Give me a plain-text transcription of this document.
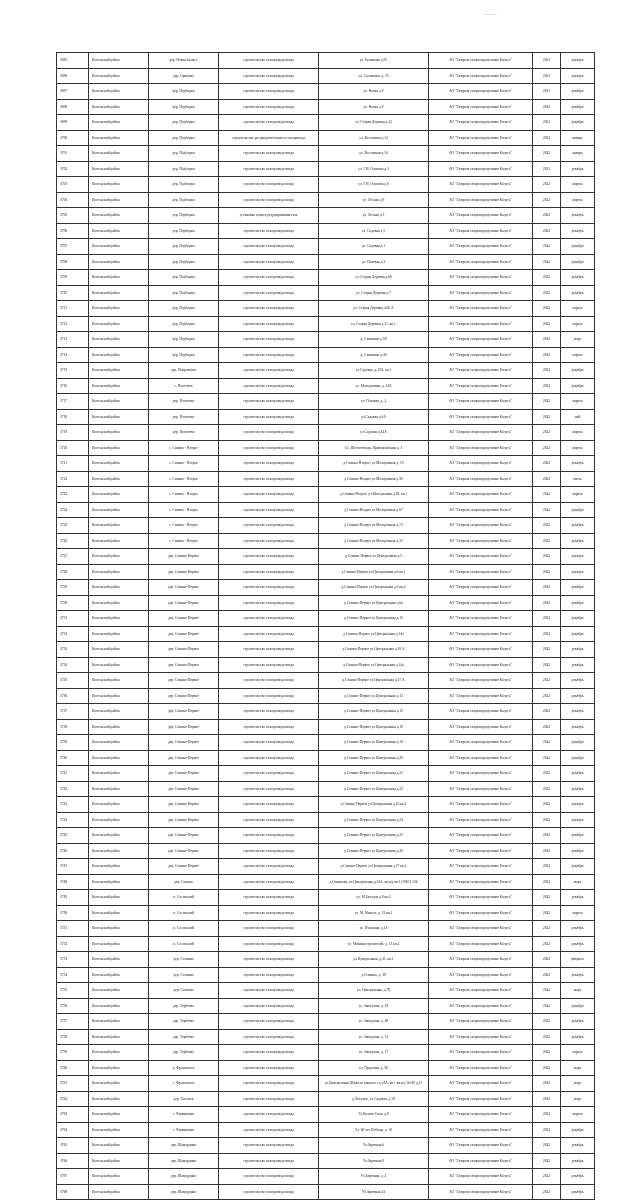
——
3695	Козельский район	дер. Новая Бахмут	строительство газопровода ввода	ул. Бушакова д.95	АО "Газпром газораспределение Калуга"	2021	декабрь
3696	Козельский район	дер. Орешево	строительство газопровода ввода	ул. Соловьева, д. 15	АО "Газпром газораспределение Калуга"	2021	декабрь
3697	Козельский район	дер. Подборки	строительство газопровода ввода	ул. Новая д.9	АО "Газпром газораспределение Калуга"	2021	декабрь
3698	Козельский район	дер. Подборки	строительство газопровода ввода	ул. Новая д.9	АО "Газпром газораспределение Калуга"	2022	декабрь
3699	Козельский район	дер. Подборки	строительство газопровода ввода	ул. Старая Деревня д.12	АО "Газпром газораспределение Калуга"	2021	декабрь
3700	Козельский район	дер. Подборки	строительство распределительного газопровода	ул. Восточная д.14	АО "Газпром газораспределение Калуга"	2022	январь
3701	Козельский район	дер. Подборки	строительство газопровода ввода	ул. Восточная д.14	АО "Газпром газораспределение Калуга"	2022	январь
3702	Козельский район	дер. Подборки	строительство газопровода ввода	ул. Г.Н. Осипова д.2	АО "Газпром газораспределение Калуга"	2021	декабрь
3703	Козельский район	дер. Подборки	строительство газопровода ввода	ул. Г.Н. Осипова д.6	АО "Газпром газораспределение Калуга"	2022	апрель
3704	Козельский район	дер. Подборки	строительство газопровода ввода	ул. Лесная д.9	АО "Газпром газораспределение Калуга"	2022	апрель
3705	Козельский район	дер. Подборки	установка пункта редуцирования газа	ул. Лесная д.5	АО "Газпром газораспределение Калуга"	2022	декабрь
3706	Козельский район	дер. Подборки	строительство газопровода ввода	ул. Садовая д.5	АО "Газпром газораспределение Калуга"	2022	декабрь
3707	Козельский район	дер. Подборки	строительство газопровода ввода	ул. Садовая д.1	АО "Газпром газораспределение Калуга"	2022	декабрь
3708	Козельский район	дер. Подборки	строительство газопровода ввода	ул. Полевая д.3	АО "Газпром газораспределение Калуга"	2022	декабрь
3709	Козельский район	дер. Подборки	строительство газопровода ввода	ул. Старая Деревня д.66	АО "Газпром газораспределение Калуга"	2022	декабрь
3710	Козельский район	дер. Подборки	строительство газопровода ввода	ул. Старая Деревня д.7	АО "Газпром газораспределение Калуга"	2022	декабрь
3711	Козельский район	дер. Подборки	строительство газопровода ввода	ул. Старая Деревня д.60 А	АО "Газпром газораспределение Калуга"	2022	апрель
3712	Козельский район	дер. Подборки	строительство газопровода ввода	ул. Старая Деревня д.31, кв.1	АО "Газпром газораспределение Калуга"	2022	апрель
3713	Козельский район	дер. Подборки	строительство газопровода ввода	д. Сливкино д.58	АО "Газпром газораспределение Калуга"	2022	март
3714	Козельский район	дер. Подборки	строительство газопровода ввода	д. Сливкино д.40	АО "Газпром газораспределение Калуга"	2022	апрель
3715	Козельский район	дер. Покровское	строительство газопровода ввода	ул.Садовая, д.33А, кв.1	АО "Газпром газораспределение Калуга"	2022	декабрь
3716	Козельский район	с. Попелево	строительство газопровода ввода	ул. Молодежная, д. 14А	АО "Газпром газораспределение Калуга"	2022	декабрь
3717	Козельский район	дер. Попелево	строительство газопровода ввода	ул. Полевая, д. 2	АО "Газпром газораспределение Калуга"	2022	апрель
3718	Козельский район	дер. Попелево	строительство газопровода ввода	ул.Садовая д.6А	АО "Газпром газораспределение Калуга"	2022	май
3719	Козельский район	дер. Попелево	строительство газопровода ввода	ул.Садовая д.44А	АО "Газпром газораспределение Калуга"	2022	апрель
3720	Козельский район	с. Сенино - Второе	строительство газопровода ввода	Сл. Шепелевская, Привокзальная д. 3	АО "Газпром газораспределение Калуга"	2022	апрель
3721	Козельский район	с. Сенино - Второе	строительство газопровода ввода	д.Сенино-Второе, ул.Молодежная д. 19	АО "Газпром газораспределение Калуга"	2022	декабрь
3722	Козельский район	с. Сенино - Второе	строительство газопровода ввода	д.Сенино-Второе ул.Молодежная д.30	АО "Газпром газораспределение Калуга"	2022	июль
3723	Козельский район	с. Сенино - Второе	строительство газопровода ввода	д.Сенино-Второе, ул.Молодежная д.38, кв.1	АО "Газпром газораспределение Калуга"	2022	апрель
3724	Козельский район	с. Сенино - Второе	строительство газопровода ввода	д.Сенино-Второе ул.Молодежная д.67	АО "Газпром газораспределение Калуга"	2022	декабрь
3725	Козельский район	с. Сенино - Второе	строительство газопровода ввода	д.Сенино-Второе ул.Молодежная д.73	АО "Газпром газораспределение Калуга"	2022	декабрь
3726	Козельский район	с. Сенино - Второе	строительство газопровода ввода	д.Сенино-Второе ул.Молодежная д.33	АО "Газпром газораспределение Калуга"	2022	декабрь
3727	Козельский район	дер. Сенино-Первое	строительство газопровода ввода	д.Сенино-Первое ул.Центральная д.5	АО "Газпром газораспределение Калуга"	2022	декабрь
3728	Козельский район	дер. Сенино-Первое	строительство газопровода ввода	д.Сенино-Первое ул.Центральная д.6 кв.1	АО "Газпром газораспределение Калуга"	2022	декабрь
3729	Козельский район	дер. Сенино-Первое	строительство газопровода ввода	д.Сенино-Первое ул.Центральная д.6 кв.2	АО "Газпром газораспределение Калуга"	2022	декабрь
3730	Козельский район	дер. Сенино-Первое	строительство газопровода ввода	д.Сенино-Первое ул.Центральная д.6а	АО "Газпром газораспределение Калуга"	2022	декабрь
3731	Козельский район	дер. Сенино-Первое	строительство газопровода ввода	д.Сенино-Первое ул.Центральная д.10	АО "Газпром газораспределение Калуга"	2022	декабрь
3732	Козельский район	дер. Сенино-Первое	строительство газопровода ввода	д.Сенино-Первое ул.Центральная д.14а	АО "Газпром газораспределение Калуга"	2022	декабрь
3733	Козельский район	дер. Сенино-Первое	строительство газопровода ввода	д.Сенино-Первое ул.Центральная д.16 А	АО "Газпром газораспределение Калуга"	2022	декабрь
3734	Козельский район	дер. Сенино-Первое	строительство газопровода ввода	д.Сенино-Первое ул.Центральная д.14а	АО "Газпром газораспределение Калуга"	2022	декабрь
3735	Козельский район	дер. Сенино-Первое	строительство газопровода ввода	д.Сенино-Первое ул.Центральная д.37 А	АО "Газпром газораспределение Калуга"	2022	декабрь
3736	Козельский район	дер. Сенино-Первое	строительство газопровода ввода	д.Сенино-Первое ул.Центральная д.13	АО "Газпром газораспределение Калуга"	2022	декабрь
3737	Козельский район	дер. Сенино-Первое	строительство газопровода ввода	д.Сенино-Первое ул.Центральная д.15	АО "Газпром газораспределение Калуга"	2022	декабрь
3738	Козельский район	дер. Сенино-Первое	строительство газопровода ввода	д.Сенино-Первое ул.Центральная д.18	АО "Газпром газораспределение Калуга"	2022	декабрь
3739	Козельский район	дер. Сенино-Первое	строительство газопровода ввода	д.Сенино-Первое ул.Центральная д.19	АО "Газпром газораспределение Калуга"	2022	декабрь
3740	Козельский район	дер. Сенино-Первое	строительство газопровода ввода	д.Сенино-Первое ул.Центральная д.20	АО "Газпром газораспределение Калуга"	2022	декабрь
3741	Козельский район	дер. Сенино-Первое	строительство газопровода ввода	д.Сенино-Первое ул.Центральная д.21	АО "Газпром газораспределение Калуга"	2022	декабрь
3742	Козельский район	дер. Сенино-Первое	строительство газопровода ввода	д.Сенино-Первое ул.Центральная д.22	АО "Газпром газораспределение Калуга"	2022	декабрь
3743	Козельский район	дер. Сенино-Первое	строительство газопровода ввода	д.Сенино-Первое ул.Центральная д.23 кв.2	АО "Газпром газораспределение Калуга"	2022	декабрь
3744	Козельский район	дер. Сенино-Первое	строительство газопровода ввода	д.Сенино-Первое ул.Центральная д.24	АО "Газпром газораспределение Калуга"	2022	декабрь
3745	Козельский район	дер. Сенино-Первое	строительство газопровода ввода	д.Сенино-Первое ул.Центральная д.25	АО "Газпром газораспределение Калуга"	2022	декабрь
3746	Козельский район	дер. Сенино-Первое	строительство газопровода ввода	д.Сенино-Первое ул.Центральная д.26	АО "Газпром газораспределение Калуга"	2022	декабрь
3747	Козельский район	дер. Сенино-Первое	строительство газопровода ввода	д.Сенино-Первое ул.Центральная д.27 кв.2	АО "Газпром газораспределение Калуга"	2022	декабрь
3748	Козельский район	дер. Сенино	строительство газопровода ввода	д.Сенинова, ул.Центральная,д.34А, кв.н/у кв.1 (ОКС) 136	АО "Газпром газораспределение Калуга"	2022	март
3749	Козельский район	п. Сосенский	строительство газопровода ввода	ул. М.Баходце,д.8 кв.2	АО "Газпром газораспределение Калуга"	2022	декабрь
3750	Козельский район	п. Сосенский	строительство газопровода ввода	ул. М. Нильсе, д. 31 кв.2	АО "Газпром газораспределение Калуга"	2022	апрель
3751	Козельский район	п. Сосенский	строительство газопровода ввода	ул. Пушкина, д.14	АО "Газпром газораспределение Калуга"	2022	декабрь
3752	Козельский район	п. Сосенский	строительство газопровода ввода	ул. Машиностроителей, д. 13 кв.2	АО "Газпром газораспределение Калуга"	2022	декабрь
3753	Козельский район	дер. Стенино	строительство газопровода ввода	ул.Центральная, д.41, кв.1	АО "Газпром газораспределение Калуга"	2022	февраль
3754	Козельский район	дер. Стенино	строительство газопровода ввода	д.Стенино, д. 38	АО "Газпром газораспределение Калуга"	2022	декабрь
3755	Козельский район	дер. Стенино	строительство газопровода ввода	ул. Центральная, д.78	АО "Газпром газораспределение Калуга"	2022	март
3756	Козельский район	дер. Торбеево	строительство газопровода ввода	ул. Заводская, д. 18	АО "Газпром газораспределение Калуга"	2022	декабрь
3757	Козельский район	дер. Торбеево	строительство газопровода ввода	ул. Заводская, д. 48	АО "Газпром газораспределение Калуга"	2022	декабрь
3758	Козельский район	дер. Торбеево	строительство газопровода ввода	ул. Заводская, д. 13	АО "Газпром газораспределение Калуга"	2022	декабрь
3759	Козельский район	дер. Торбеево	строительство газопровода ввода	ул. Заводская, д. 17	АО "Газпром газораспределение Калуга"	2022	апрель
3760	Козельский район	д. Фроловское	строительство газопровода ввода	ул. Прудовая, д. 56	АО "Газпром газораспределение Калуга"	2022	март
3761	Козельский район	с. Фроловское	строительство газопровода ввода	ул.Центральная (Юность южного ст.д.8А, кв.1 кв.н/у 36-40 д.51	АО "Газпром газораспределение Калуга"	2022	март
3762	Козельский район	дер. Хотунок	строительство газопровода ввода	д.Хотунок, ул.Садовая, д.18	АО "Газпром газораспределение Калуга"	2022	март
3763	Козельский район	с. Чернышено	строительство газопровода ввода	Ул.Козлов Сила, д.8	АО "Газпром газораспределение Калуга"	2022	апрель
3764	Козельский район	с. Чернышено	строительство газопровода ввода	Ул. 60 лет Победы, д. 10	АО "Газпром газораспределение Калуга"	2022	декабрь
3765	Козельский район	дер. Шамордино	строительство газопровода ввода	Ул.Заречная 6	АО "Газпром газораспределение Калуга"	2022	декабрь
3766	Козельский район	дер. Шамордино	строительство газопровода ввода	Ул.Заречная 9	АО "Газпром газораспределение Калуга"	2022	декабрь
3767	Козельский район	дер. Шамордино	строительство газопровода ввода	Ул.Заречная, д. 2	АО "Газпром газораспределение Калуга"	2022	декабрь
3768	Козельский район	дер. Шамордино	строительство газопровода ввода	Ул.Заречная 24	АО "Газпром газораспределение Калуга"	2022	декабрь
